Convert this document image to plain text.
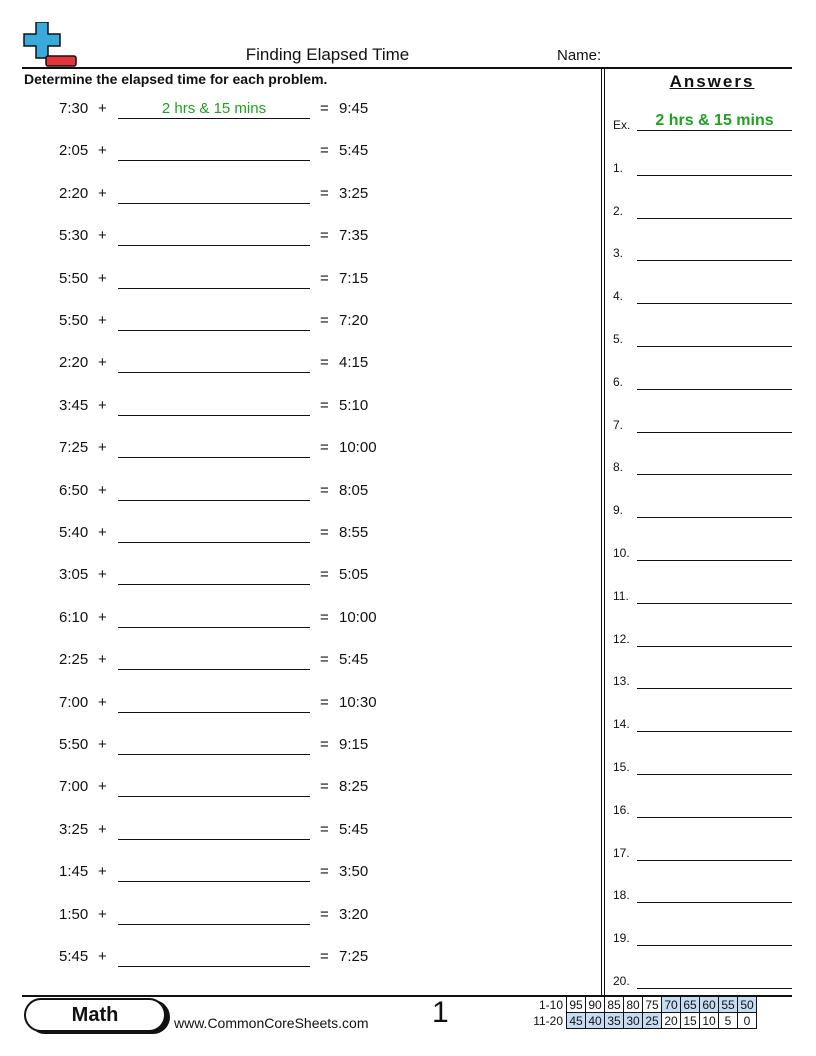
Finding Elapsed Time	Name:
Determine the elapsed time for each problem.	Answers
7:30 +	2 hrs & 15 mins	= 9:45
2:05 +	= 5:45
2:20 +	= 3:25
5:30 +	= 7:35
5:50 +	= 7:15
5:50 +	= 7:20
2:20 +	= 4:15
3:45 +	= 5:10
7:25 +	= 10:00
6:50 +	= 8:05
5:40 +	= 8:55
3:05 +	= 5:05
6:10 +	= 10:00
2:25 +	= 5:45
7:00 +	= 10:30
5:50 +	= 9:15
7:00 +	= 8:25
3:25 +	= 5:45
1:45 +	= 3:50
1:50 +	= 3:20
5:45 +	= 7:25
Ex.	2 hrs & 15 mins
1.
2.
3.
4.
5.
6.
7.
8.
9.
10.
11.
12.
13.
14.
15.
16.
17.
18.
19.
20.
Math	www.CommonCoreSheets.com 1	1-10	95	90	85	80	75	70	65	60	55	50
11-20	45	40	35	30	25	20	15	10	5	0
